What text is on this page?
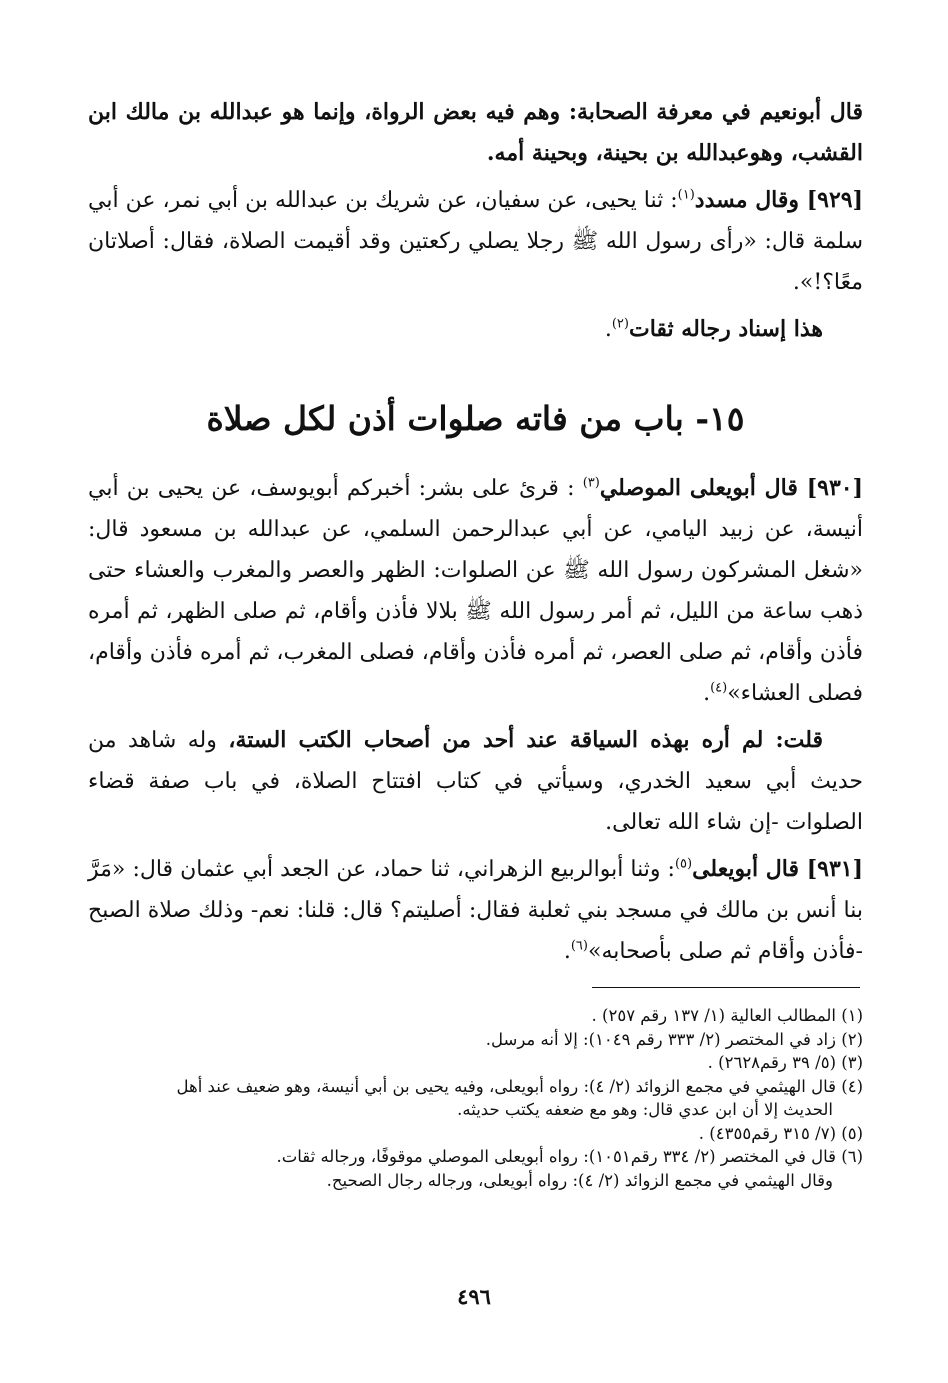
قال أبونعيم في معرفة الصحابة: وهم فيه بعض الرواة، وإنما هو عبدالله بن مالك ابن القشب، وهوعبدالله بن بحينة، وبحينة أمه.

[٩٢٩] وقال مسدد$^{(١)}$: ثنا يحيى، عن سفيان، عن شريك بن عبدالله بن أبي نمر، عن أبي سلمة قال: «رأى رسول الله ﷺ رجلا يصلي ركعتين وقد أقيمت الصلاة، فقال: أصلاتان معًا؟!».

هذا إسناد رجاله ثقات$^{(٢)}$.

١٥- باب من فاته صلوات أذن لكل صلاة

[٩٣٠] قال أبويعلى الموصلي$^{(٣)}$ : قرئ على بشر: أخبركم أبويوسف، عن يحيى بن أبي أنيسة، عن زبيد اليامي، عن أبي عبدالرحمن السلمي، عن عبدالله بن مسعود قال: «شغل المشركون رسول الله ﷺ عن الصلوات: الظهر والعصر والمغرب والعشاء حتى ذهب ساعة من الليل، ثم أمر رسول الله ﷺ بلالا فأذن وأقام، ثم صلى الظهر، ثم أمره فأذن وأقام، ثم صلى العصر، ثم أمره فأذن وأقام، فصلى المغرب، ثم أمره فأذن وأقام، فصلى العشاء»$^{(٤)}$.

قلت: لم أره بهذه السياقة عند أحد من أصحاب الكتب الستة، وله شاهد من حديث أبي سعيد الخدري، وسيأتي في كتاب افتتاح الصلاة، في باب صفة قضاء الصلوات -إن شاء الله تعالى.

[٩٣١] قال أبويعلى$^{(٥)}$: وثنا أبوالربيع الزهراني، ثنا حماد، عن الجعد أبي عثمان قال: «مَرَّ بنا أنس بن مالك في مسجد بني ثعلبة فقال: أصليتم؟ قال: قلنا: نعم- وذلك صلاة الصبح -فأذن وأقام ثم صلى بأصحابه»$^{(٦)}$.

(١) المطالب العالية (١/ ١٣٧ رقم ٢٥٧) .
(٢) زاد في المختصر (٢/ ٣٣٣ رقم ١٠٤٩): إلا أنه مرسل.
(٣) (٥/ ٣٩ رقم٢٦٢٨) .
(٤) قال الهيثمي في مجمع الزوائد (٢/ ٤): رواه أبويعلى، وفيه يحيى بن أبي أنيسة، وهو ضعيف عند أهل
الحديث إلا أن ابن عدي قال: وهو مع ضعفه يكتب حديثه.
(٥) (٧/ ٣١٥ رقم٤٣٥٥) .
(٦) قال في المختصر (٢/ ٣٣٤ رقم١٠٥١): رواه أبويعلى الموصلي موقوفًا، ورجاله ثقات.
وقال الهيثمي في مجمع الزوائد (٢/ ٤): رواه أبويعلى، ورجاله رجال الصحيح.
٤٩٦
